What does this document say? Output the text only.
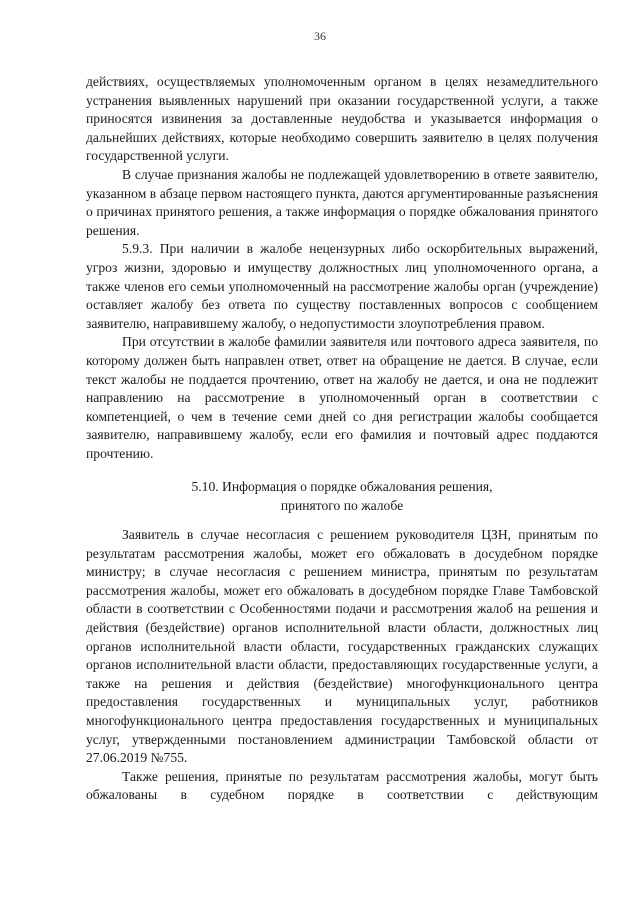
36

действиях, осуществляемых уполномоченным органом в целях незамедлительного устранения выявленных нарушений при оказании государственной услуги, а также приносятся извинения за доставленные неудобства и указывается информация о дальнейших действиях, которые необходимо совершить заявителю в целях получения государственной услуги.

В случае признания жалобы не подлежащей удовлетворению в ответе заявителю, указанном в абзаце первом настоящего пункта, даются аргументированные разъяснения о причинах принятого решения, а также информация о порядке обжалования принятого решения.

5.9.3. При наличии в жалобе нецензурных либо оскорбительных выражений, угроз жизни, здоровью и имуществу должностных лиц уполномоченного органа, а также членов его семьи уполномоченный на рассмотрение жалобы орган (учреждение) оставляет жалобу без ответа по существу поставленных вопросов с сообщением заявителю, направившему жалобу, о недопустимости злоупотребления правом.

При отсутствии в жалобе фамилии заявителя или почтового адреса заявителя, по которому должен быть направлен ответ, ответ на обращение не дается. В случае, если текст жалобы не поддается прочтению, ответ на жалобу не дается, и она не подлежит направлению на рассмотрение в уполномоченный орган в соответствии с компетенцией, о чем в течение семи дней со дня регистрации жалобы сообщается заявителю, направившему жалобу, если его фамилия и почтовый адрес поддаются прочтению.

5.10. Информация о порядке обжалования решения,
принятого по жалобе

Заявитель в случае несогласия с решением руководителя ЦЗН, принятым по результатам рассмотрения жалобы, может его обжаловать в досудебном порядке министру; в случае несогласия с решением министра, принятым по результатам рассмотрения жалобы, может его обжаловать в досудебном порядке Главе Тамбовской области в соответствии с Особенностями подачи и рассмотрения жалоб на решения и действия (бездействие) органов исполнительной власти области, должностных лиц органов исполнительной власти области, государственных гражданских служащих органов исполнительной власти области, предоставляющих государственные услуги, а также на решения и действия (бездействие) многофункционального центра предоставления государственных и муниципальных услуг, работников многофункционального центра предоставления государственных и муниципальных услуг, утвержденными постановлением администрации Тамбовской области от 27.06.2019 №755.

Также решения, принятые по результатам рассмотрения жалобы, могут быть обжалованы в судебном порядке в соответствии с действующим
